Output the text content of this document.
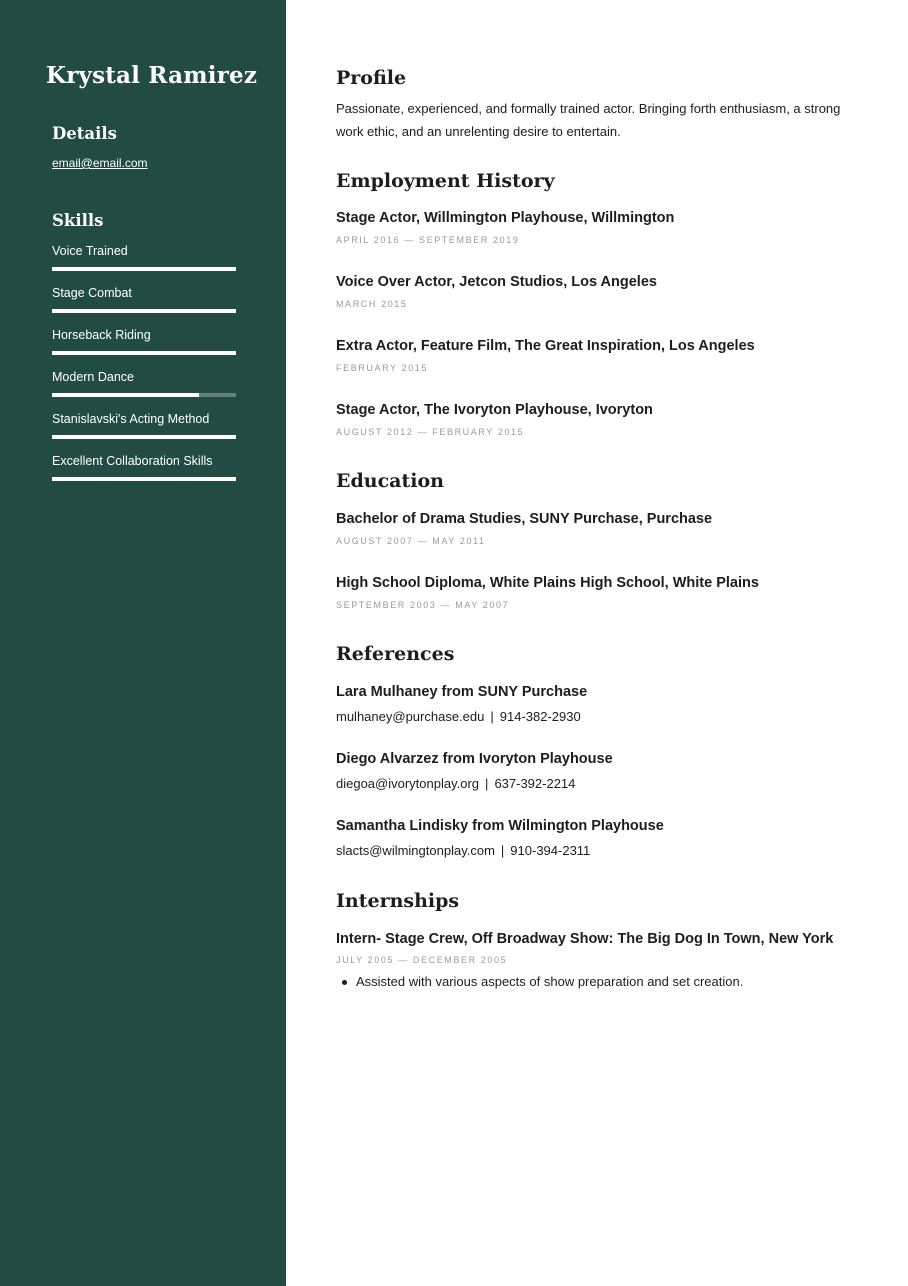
Krystal Ramirez
Details
email@email.com
Skills
Voice Trained
Stage Combat
Horseback Riding
Modern Dance
Stanislavski's Acting Method
Excellent Collaboration Skills
Profile
Passionate, experienced, and formally trained actor. Bringing forth enthusiasm, a strong work ethic, and an unrelenting desire to entertain.
Employment History
Stage Actor, Willmington Playhouse, Willmington
APRIL 2016 — SEPTEMBER 2019
Voice Over Actor, Jetcon Studios, Los Angeles
MARCH 2015
Extra Actor, Feature Film, The Great Inspiration, Los Angeles
FEBRUARY 2015
Stage Actor, The Ivoryton Playhouse, Ivoryton
AUGUST 2012 — FEBRUARY 2015
Education
Bachelor of Drama Studies, SUNY Purchase, Purchase
AUGUST 2007 — MAY 2011
High School Diploma, White Plains High School, White Plains
SEPTEMBER 2003 — MAY 2007
References
Lara Mulhaney from SUNY Purchase
mulhaney@purchase.edu | 914-382-2930
Diego Alvarzez from Ivoryton Playhouse
diegoa@ivorytonplay.org | 637-392-2214
Samantha Lindisky from Wilmington Playhouse
slacts@wilmingtonplay.com | 910-394-2311
Internships
Intern- Stage Crew, Off Broadway Show: The Big Dog In Town, New York
JULY 2005 — DECEMBER 2005
Assisted with various aspects of show preparation and set creation.
